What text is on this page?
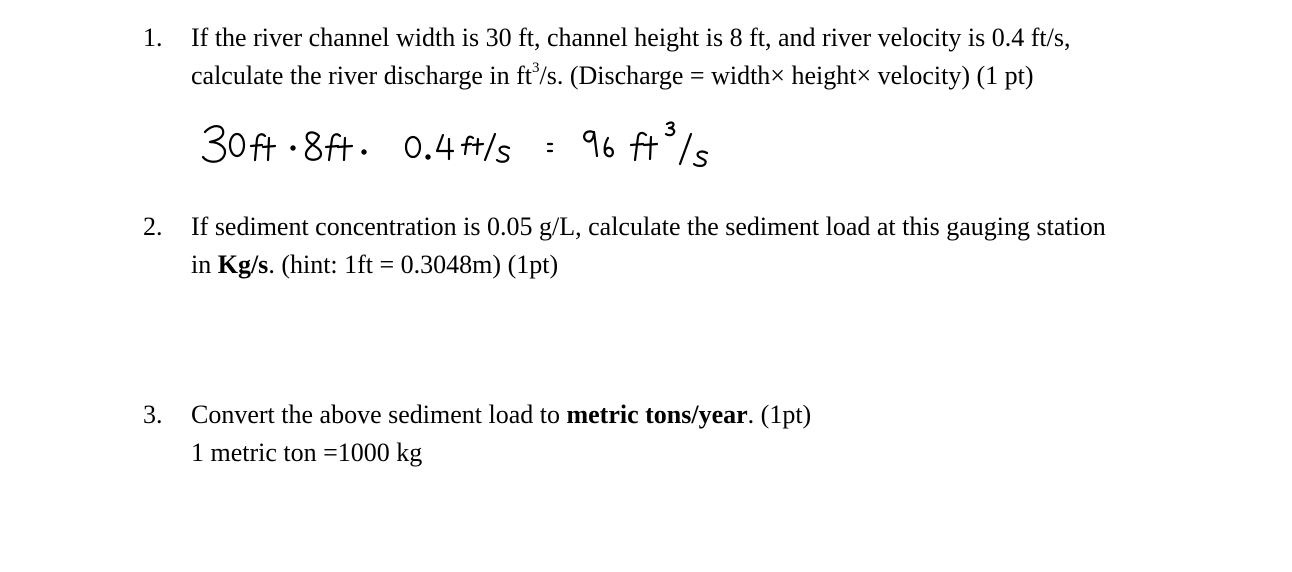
1. If the river channel width is 30 ft, channel height is 8 ft, and river velocity is 0.4 ft/s,
calculate the river discharge in $ft^3/s$. (Discharge = width× height× velocity) (1 pt)
2. If sediment concentration is 0.05 g/L, calculate the sediment load at this gauging station
in Kg/s. (hint: 1ft = 0.3048m) (1pt)
3. Convert the above sediment load to metric tons/year. (1pt)
1 metric ton =1000 kg
